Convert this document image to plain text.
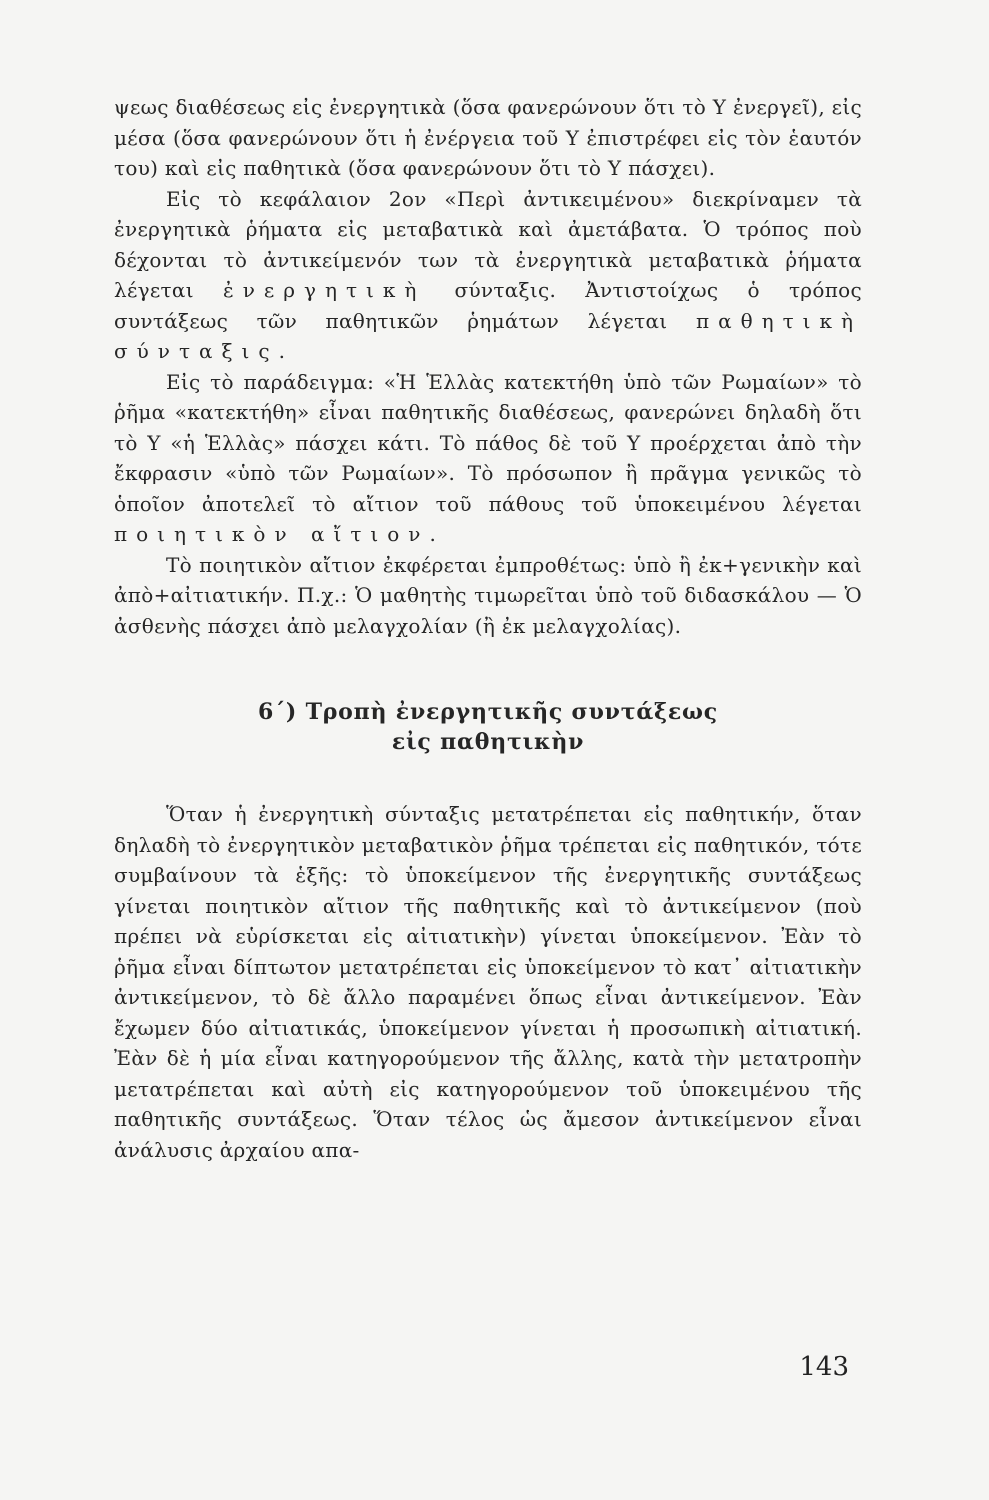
ψεως διαθέσεως εἰς ἐνεργητικὰ (ὅσα φανερώνουν ὅτι τὸ Υ ἐνεργεῖ), εἰς μέσα (ὅσα φανερώνουν ὅτι ἡ ἐνέργεια τοῦ Υ ἐπιστρέφει εἰς τὸν ἑαυτόν του) καὶ εἰς παθητικὰ (ὅσα φανερώνουν ὅτι τὸ Υ πάσχει).

Εἰς τὸ κεφάλαιον 2ον «Περὶ ἀντικειμένου» διεκρίναμεν τὰ ἐνεργητικὰ ῥήματα εἰς μεταβατικὰ καὶ ἀμετάβατα. Ὁ τρόπος ποὺ δέχονται τὸ ἀντικείμενόν των τὰ ἐνεργητικὰ μεταβατικὰ ῥήματα λέγεται ἐνεργητικὴ σύνταξις. Ἀντιστοίχως ὁ τρόπος συντάξεως τῶν παθητικῶν ῥημάτων λέγεται παθητικὴ σύνταξις.

Εἰς τὸ παράδειγμα: «Ἡ Ἑλλὰς κατεκτήθη ὑπὸ τῶν Ρωμαίων» τὸ ῥῆμα «κατεκτήθη» εἶναι παθητικῆς διαθέσεως, φανερώνει δηλαδὴ ὅτι τὸ Υ «ἡ Ἑλλὰς» πάσχει κάτι. Τὸ πάθος δὲ τοῦ Υ προέρχεται ἀπὸ τὴν ἔκφρασιν «ὑπὸ τῶν Ρωμαίων». Τὸ πρόσωπον ἢ πρᾶγμα γενικῶς τὸ ὁποῖον ἀποτελεῖ τὸ αἴτιον τοῦ πάθους τοῦ ὑποκειμένου λέγεται ποιητικὸν αἴτιον.

Τὸ ποιητικὸν αἴτιον ἐκφέρεται ἐμπροθέτως: ὑπὸ ἢ ἐκ+γενικὴν καὶ ἀπὸ+αἰτιατικήν. Π.χ.: Ὁ μαθητὴς τιμωρεῖται ὑπὸ τοῦ διδασκάλου — Ὁ ἀσθενὴς πάσχει ἀπὸ μελαγχολίαν (ἢ ἐκ μελαγχολίας).

6΄) Τροπὴ ἐνεργητικῆς συντάξεως
εἰς παθητικὴν

Ὅταν ἡ ἐνεργητικὴ σύνταξις μετατρέπεται εἰς παθητικήν, ὅταν δηλαδὴ τὸ ἐνεργητικὸν μεταβατικὸν ῥῆμα τρέπεται εἰς παθητικόν, τότε συμβαίνουν τὰ ἑξῆς: τὸ ὑποκείμενον τῆς ἐνεργητικῆς συντάξεως γίνεται ποιητικὸν αἴτιον τῆς παθητικῆς καὶ τὸ ἀντικείμενον (ποὺ πρέπει νὰ εὑρίσκεται εἰς αἰτιατικὴν) γίνεται ὑποκείμενον. Ἐὰν τὸ ῥῆμα εἶναι δίπτωτον μετατρέπεται εἰς ὑποκείμενον τὸ κατ᾽ αἰτιατικὴν ἀντικείμενον, τὸ δὲ ἄλλο παραμένει ὅπως εἶναι ἀντικείμενον. Ἐὰν ἔχωμεν δύο αἰτιατικάς, ὑποκείμενον γίνεται ἡ προσωπικὴ αἰτιατική. Ἐὰν δὲ ἡ μία εἶναι κατηγορούμενον τῆς ἄλλης, κατὰ τὴν μετατροπὴν μετατρέπεται καὶ αὐτὴ εἰς κατηγορούμενον τοῦ ὑποκειμένου τῆς παθητικῆς συντάξεως. Ὅταν τέλος ὡς ἄμεσον ἀντικείμενον εἶναι ἀνάλυσις ἀρχαίου απα-

143
